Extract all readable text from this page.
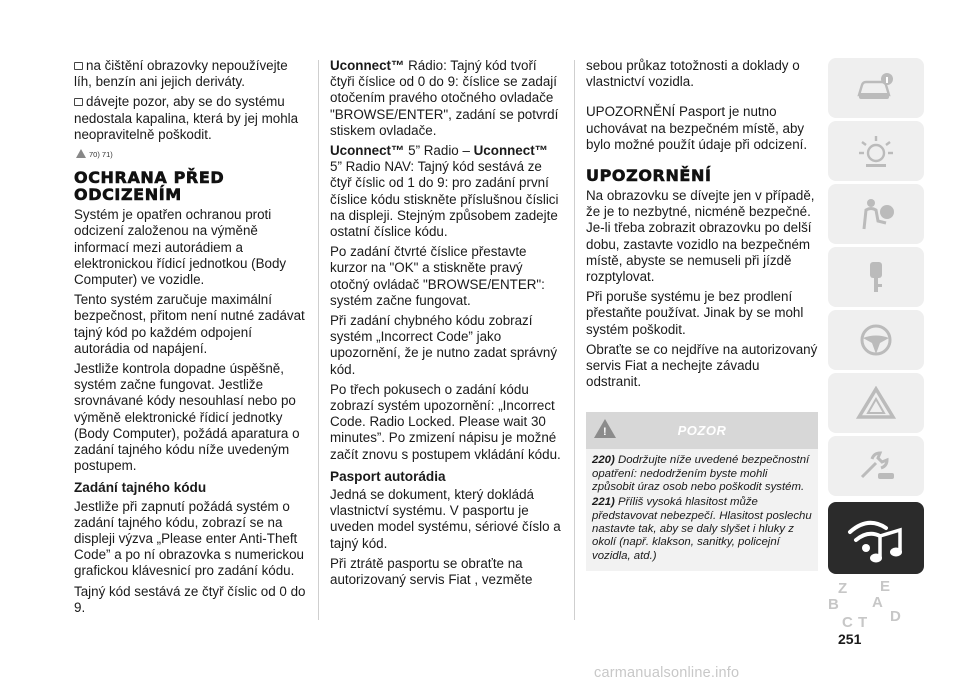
na čištění obrazovky nepoužívejte líh, benzín ani jejich deriváty.

dávejte pozor, aby se do systému nedostala kapalina, která by jej mohla neopravitelně poškodit.

70) 71)
OCHRANA PŘED ODCIZENÍM

Systém je opatřen ochranou proti odcizení založenou na výměně informací mezi autorádiem a elektronickou řídicí jednotkou (Body Computer) ve vozidle.

Tento systém zaručuje maximální bezpečnost, přitom není nutné zadávat tajný kód po každém odpojení autorádia od napájení.

Jestliže kontrola dopadne úspěšně, systém začne fungovat. Jestliže srovnávané kódy nesouhlasí nebo po výměně elektronické řídicí jednotky (Body Computer), požádá aparatura o zadání tajného kódu níže uvedeným postupem.

Zadání tajného kódu

Jestliže při zapnutí požádá systém o zadání tajného kódu, zobrazí se na displeji výzva „Please enter Anti-Theft Code” a po ní obrazovka s numerickou grafickou klávesnicí pro zadání kódu.

Tajný kód sestává ze čtyř číslic od 0 do 9.

Uconnect™ Rádio: Tajný kód tvoří čtyři číslice od 0 do 9: číslice se zadají otočením pravého otočného ovladače "BROWSE/ENTER", zadání se potvrdí stiskem ovladače.

Uconnect™ 5” Radio – Uconnect™ 5” Radio NAV: Tajný kód sestává ze čtyř číslic od 1 do 9: pro zadání první číslice kódu stiskněte příslušnou číslici na displeji. Stejným způsobem zadejte ostatní číslice kódu.

Po zadání čtvrté číslice přestavte kurzor na "OK" a stiskněte pravý otočný ovládač "BROWSE/ENTER": systém začne fungovat.

Při zadání chybného kódu zobrazí systém „Incorrect Code” jako upozornění, že je nutno zadat správný kód.

Po třech pokusech o zadání kódu zobrazí systém upozornění: „Incorrect Code. Radio Locked. Please wait 30 minutes”. Po zmizení nápisu je možné začít znovu s postupem vkládání kódu.

Pasport autorádia

Jedná se dokument, který dokládá vlastnictví systému. V pasportu je uveden model systému, sériové číslo a tajný kód.

Při ztrátě pasportu se obraťte na autorizovaný servis Fiat , vezměte

sebou průkaz totožnosti a doklady o vlastnictví vozidla.

UPOZORNĚNÍ Pasport je nutno uchovávat na bezpečném místě, aby bylo možné použít údaje při odcizení.

UPOZORNĚNÍ

Na obrazovku se dívejte jen v případě, že je to nezbytné, nicméně bezpečné. Je-li třeba zobrazit obrazovku po delší dobu, zastavte vozidlo na bezpečném místě, abyste se nemuseli při jízdě rozptylovat.

Při poruše systému je bez prodlení přestaňte používat. Jinak by se mohl systém poškodit.

Obraťte se co nejdříve na autorizovaný servis Fiat a nechejte závadu odstranit.

!	POZOR

220) Dodržujte níže uvedené bezpečnostní opatření: nedodržením byste mohli způsobit úraz osob nebo poškodit systém.

221) Příliš vysoká hlasitost může představovat nebezpečí. Hlasitost poslechu nastavte tak, aby se daly slyšet i hluky z okolí (např. klakson, sanitky, policejní vozidla, atd.)

Z E
B A
C D
T
251
carmanualsonline.info
